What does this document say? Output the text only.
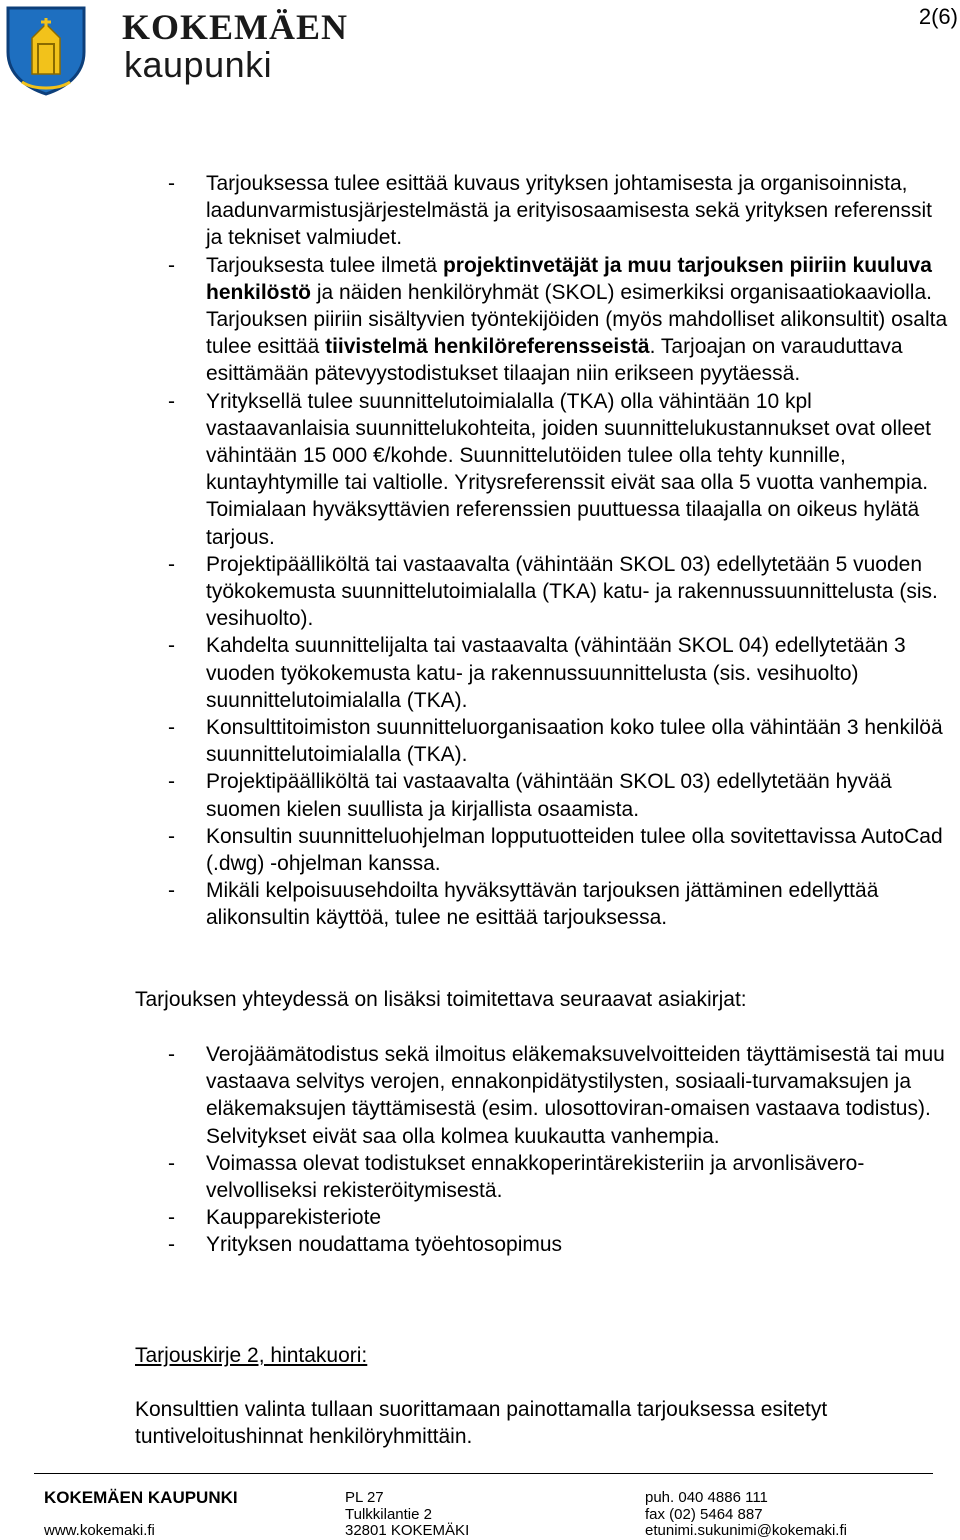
KOKEMÄEN
kaupunki
2(6)
- Tarjouksessa tulee esittää kuvaus yrityksen johtamisesta ja organisoinnista, laadunvarmistusjärjestelmästä ja erityisosaamisesta sekä yrityksen referenssit ja tekniset valmiudet.
- Tarjouksesta tulee ilmetä projektinvetäjät ja muu tarjouksen piiriin kuuluva henkilöstö ja näiden henkilöryhmät (SKOL) esimerkiksi organisaatiokaaviolla. Tarjouksen piiriin sisältyvien työntekijöiden (myös mahdolliset alikonsultit) osalta tulee esittää tiivistelmä henkilöreferensseistä. Tarjoajan on varauduttava esittämään pätevyystodistukset tilaajan niin erikseen pyytäessä.
- Yrityksellä tulee suunnittelutoimialalla (TKA) olla vähintään 10 kpl vastaavanlaisia suunnittelukohteita, joiden suunnittelukustannukset ovat olleet vähintään 15 000 €/kohde. Suunnittelutöiden tulee olla tehty kunnille, kuntayhtymille tai valtiolle. Yritysreferenssit eivät saa olla 5 vuotta vanhempia. Toimialaan hyväksyttävien referenssien puuttuessa tilaajalla on oikeus hylätä tarjous.
- Projektipäälliköltä tai vastaavalta (vähintään SKOL 03) edellytetään 5 vuoden työkokemusta suunnittelutoimialalla (TKA) katu- ja rakennussuunnittelusta (sis. vesihuolto).
- Kahdelta suunnittelijalta tai vastaavalta (vähintään SKOL 04) edellytetään 3 vuoden työkokemusta katu- ja rakennussuunnittelusta (sis. vesihuolto) suunnittelutoimialalla (TKA).
- Konsulttitoimiston suunnitteluorganisaation koko tulee olla vähintään 3 henkilöä suunnittelutoimialalla (TKA).
- Projektipäälliköltä tai vastaavalta (vähintään SKOL 03) edellytetään hyvää suomen kielen suullista ja kirjallista osaamista.
- Konsultin suunnitteluohjelman lopputuotteiden tulee olla sovitettavissa AutoCad (.dwg) -ohjelman kanssa.
- Mikäli kelpoisuusehdoilta hyväksyttävän tarjouksen jättäminen edellyttää alikonsultin käyttöä, tulee ne esittää tarjouksessa.

Tarjouksen yhteydessä on lisäksi toimitettava seuraavat asiakirjat:

- Verojäämätodistus sekä ilmoitus eläkemaksuvelvoitteiden täyttämisestä tai muu vastaava selvitys verojen, ennakonpidätystilysten, sosiaali-turvamaksujen ja eläkemaksujen täyttämisestä (esim. ulosottoviran-omaisen vastaava todistus). Selvitykset eivät saa olla kolmea kuukautta vanhempia.
- Voimassa olevat todistukset ennakkoperintärekisteriin ja arvonlisävero-velvolliseksi rekisteröitymisestä.
- Kaupparekisteriote
- Yrityksen noudattama työehtosopimus

Tarjouskirje 2, hintakuori:

Konsulttien valinta tullaan suorittamaan painottamalla tarjouksessa esitetyt tuntiveloitushinnat henkilöryhmittäin.

KOKEMÄEN KAUPUNKI

www.kokemaki.fi
PL 27
Tulkkilantie 2
32801 KOKEMÄKI
puh. 040 4886 111
fax (02) 5464 887
etunimi.sukunimi@kokemaki.fi
